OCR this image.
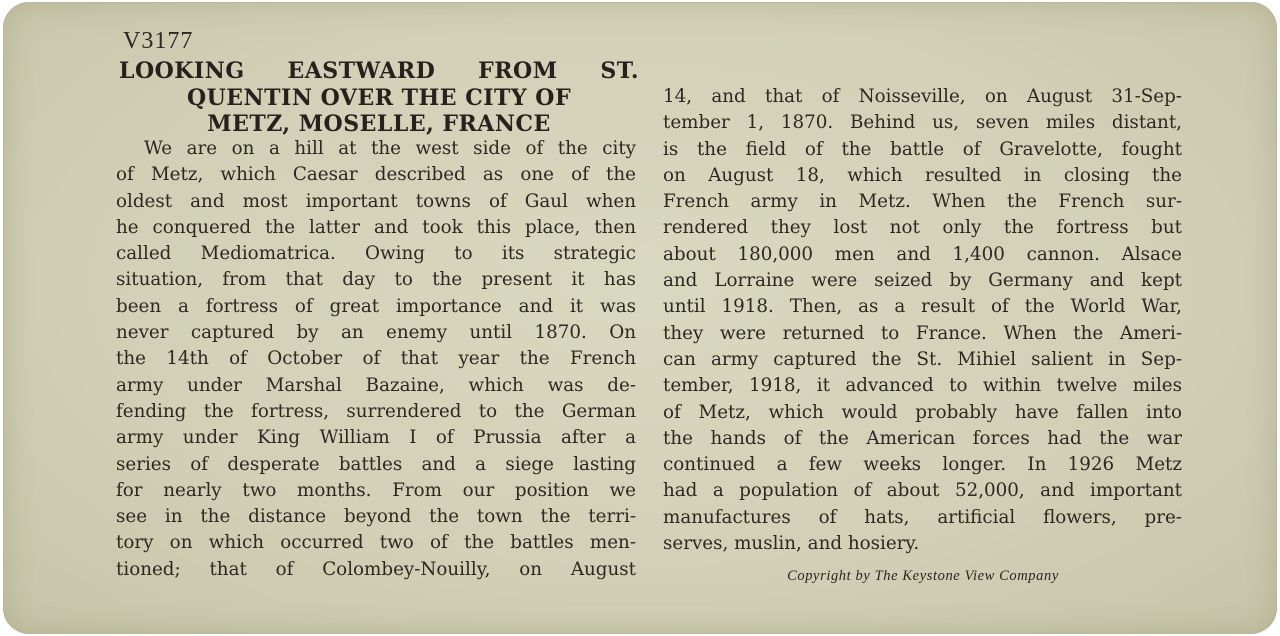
V3177
LOOKING EASTWARD FROM ST.
QUENTIN OVER THE CITY OF
METZ, MOSELLE, FRANCE
We are on a hill at the west side of the city
of Metz, which Caesar described as one of the
oldest and most important towns of Gaul when
he conquered the latter and took this place, then
called Mediomatrica. Owing to its strategic
situation, from that day to the present it has
been a fortress of great importance and it was
never captured by an enemy until 1870. On
the 14th of October of that year the French
army under Marshal Bazaine, which was de-
fending the fortress, surrendered to the German
army under King William I of Prussia after a
series of desperate battles and a siege lasting
for nearly two months. From our position we
see in the distance beyond the town the terri-
tory on which occurred two of the battles men-
tioned; that of Colombey-Nouilly, on August
14, and that of Noisseville, on August 31-Sep-
tember 1, 1870. Behind us, seven miles distant,
is the field of the battle of Gravelotte, fought
on August 18, which resulted in closing the
French army in Metz. When the French sur-
rendered they lost not only the fortress but
about 180,000 men and 1,400 cannon. Alsace
and Lorraine were seized by Germany and kept
until 1918. Then, as a result of the World War,
they were returned to France. When the Ameri-
can army captured the St. Mihiel salient in Sep-
tember, 1918, it advanced to within twelve miles
of Metz, which would probably have fallen into
the hands of the American forces had the war
continued a few weeks longer. In 1926 Metz
had a population of about 52,000, and important
manufactures of hats, artificial flowers, pre-
serves, muslin, and hosiery.
Copyright by The Keystone View Company
